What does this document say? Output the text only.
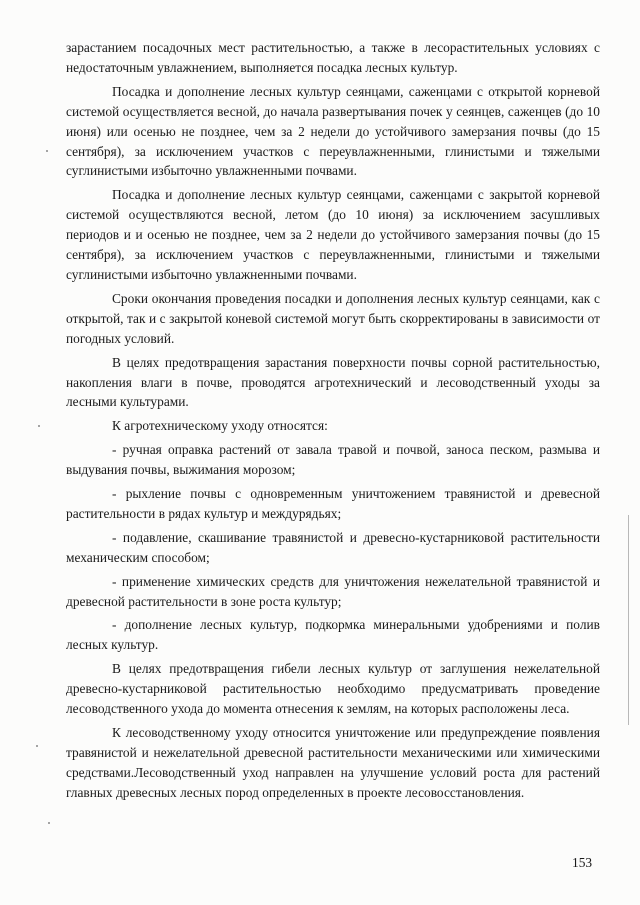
зарастанием посадочных мест растительностью, а также в лесорастительных условиях с недостаточным увлажнением, выполняется посадка лесных культур.

Посадка и дополнение лесных культур сеянцами, саженцами с открытой корневой системой осуществляется весной, до начала развертывания почек у сеянцев, саженцев (до 10 июня) или осенью не позднее, чем за 2 недели до устойчивого замерзания почвы (до 15 сентября), за исключением участков с переувлажненными, глинистыми и тяжелыми суглинистыми избыточно увлажненными почвами.

Посадка и дополнение лесных культур сеянцами, саженцами с закрытой корневой системой осуществляются весной, летом (до 10 июня) за исключением засушливых периодов и и осенью не позднее, чем за 2 недели до устойчивого замерзания почвы (до 15 сентября), за исключением участков с переувлажненными, глинистыми и тяжелыми суглинистыми избыточно увлажненными почвами.

Сроки окончания проведения посадки и дополнения лесных культур сеянцами, как с открытой, так и с закрытой коневой системой могут быть скорректированы в зависимости от погодных условий.

В целях предотвращения зарастания поверхности почвы сорной растительностью, накопления влаги в почве, проводятся агротехнический и лесоводственный уходы за лесными культурами.

К агротехническому уходу относятся:

- ручная оправка растений от завала травой и почвой, заноса песком, размыва и выдувания почвы, выжимания морозом;

- рыхление почвы с одновременным уничтожением травянистой и древесной растительности в рядах культур и междурядьях;

- подавление, скашивание травянистой и древесно-кустарниковой растительности механическим способом;

- применение химических средств для уничтожения нежелательной травянистой и древесной растительности в зоне роста культур;

- дополнение лесных культур, подкормка минеральными удобрениями и полив лесных культур.

В целях предотвращения гибели лесных культур от заглушения нежелательной древесно-кустарниковой растительностью необходимо предусматривать проведение лесоводственного ухода до момента отнесения к землям, на которых расположены леса.

К лесоводственному уходу относится уничтожение или предупреждение появления травянистой и нежелательной древесной растительности механическими или химическими средствами.Лесоводственный уход направлен на улучшение условий роста для растений главных древесных лесных пород определенных в проекте лесовосстановления.

153
